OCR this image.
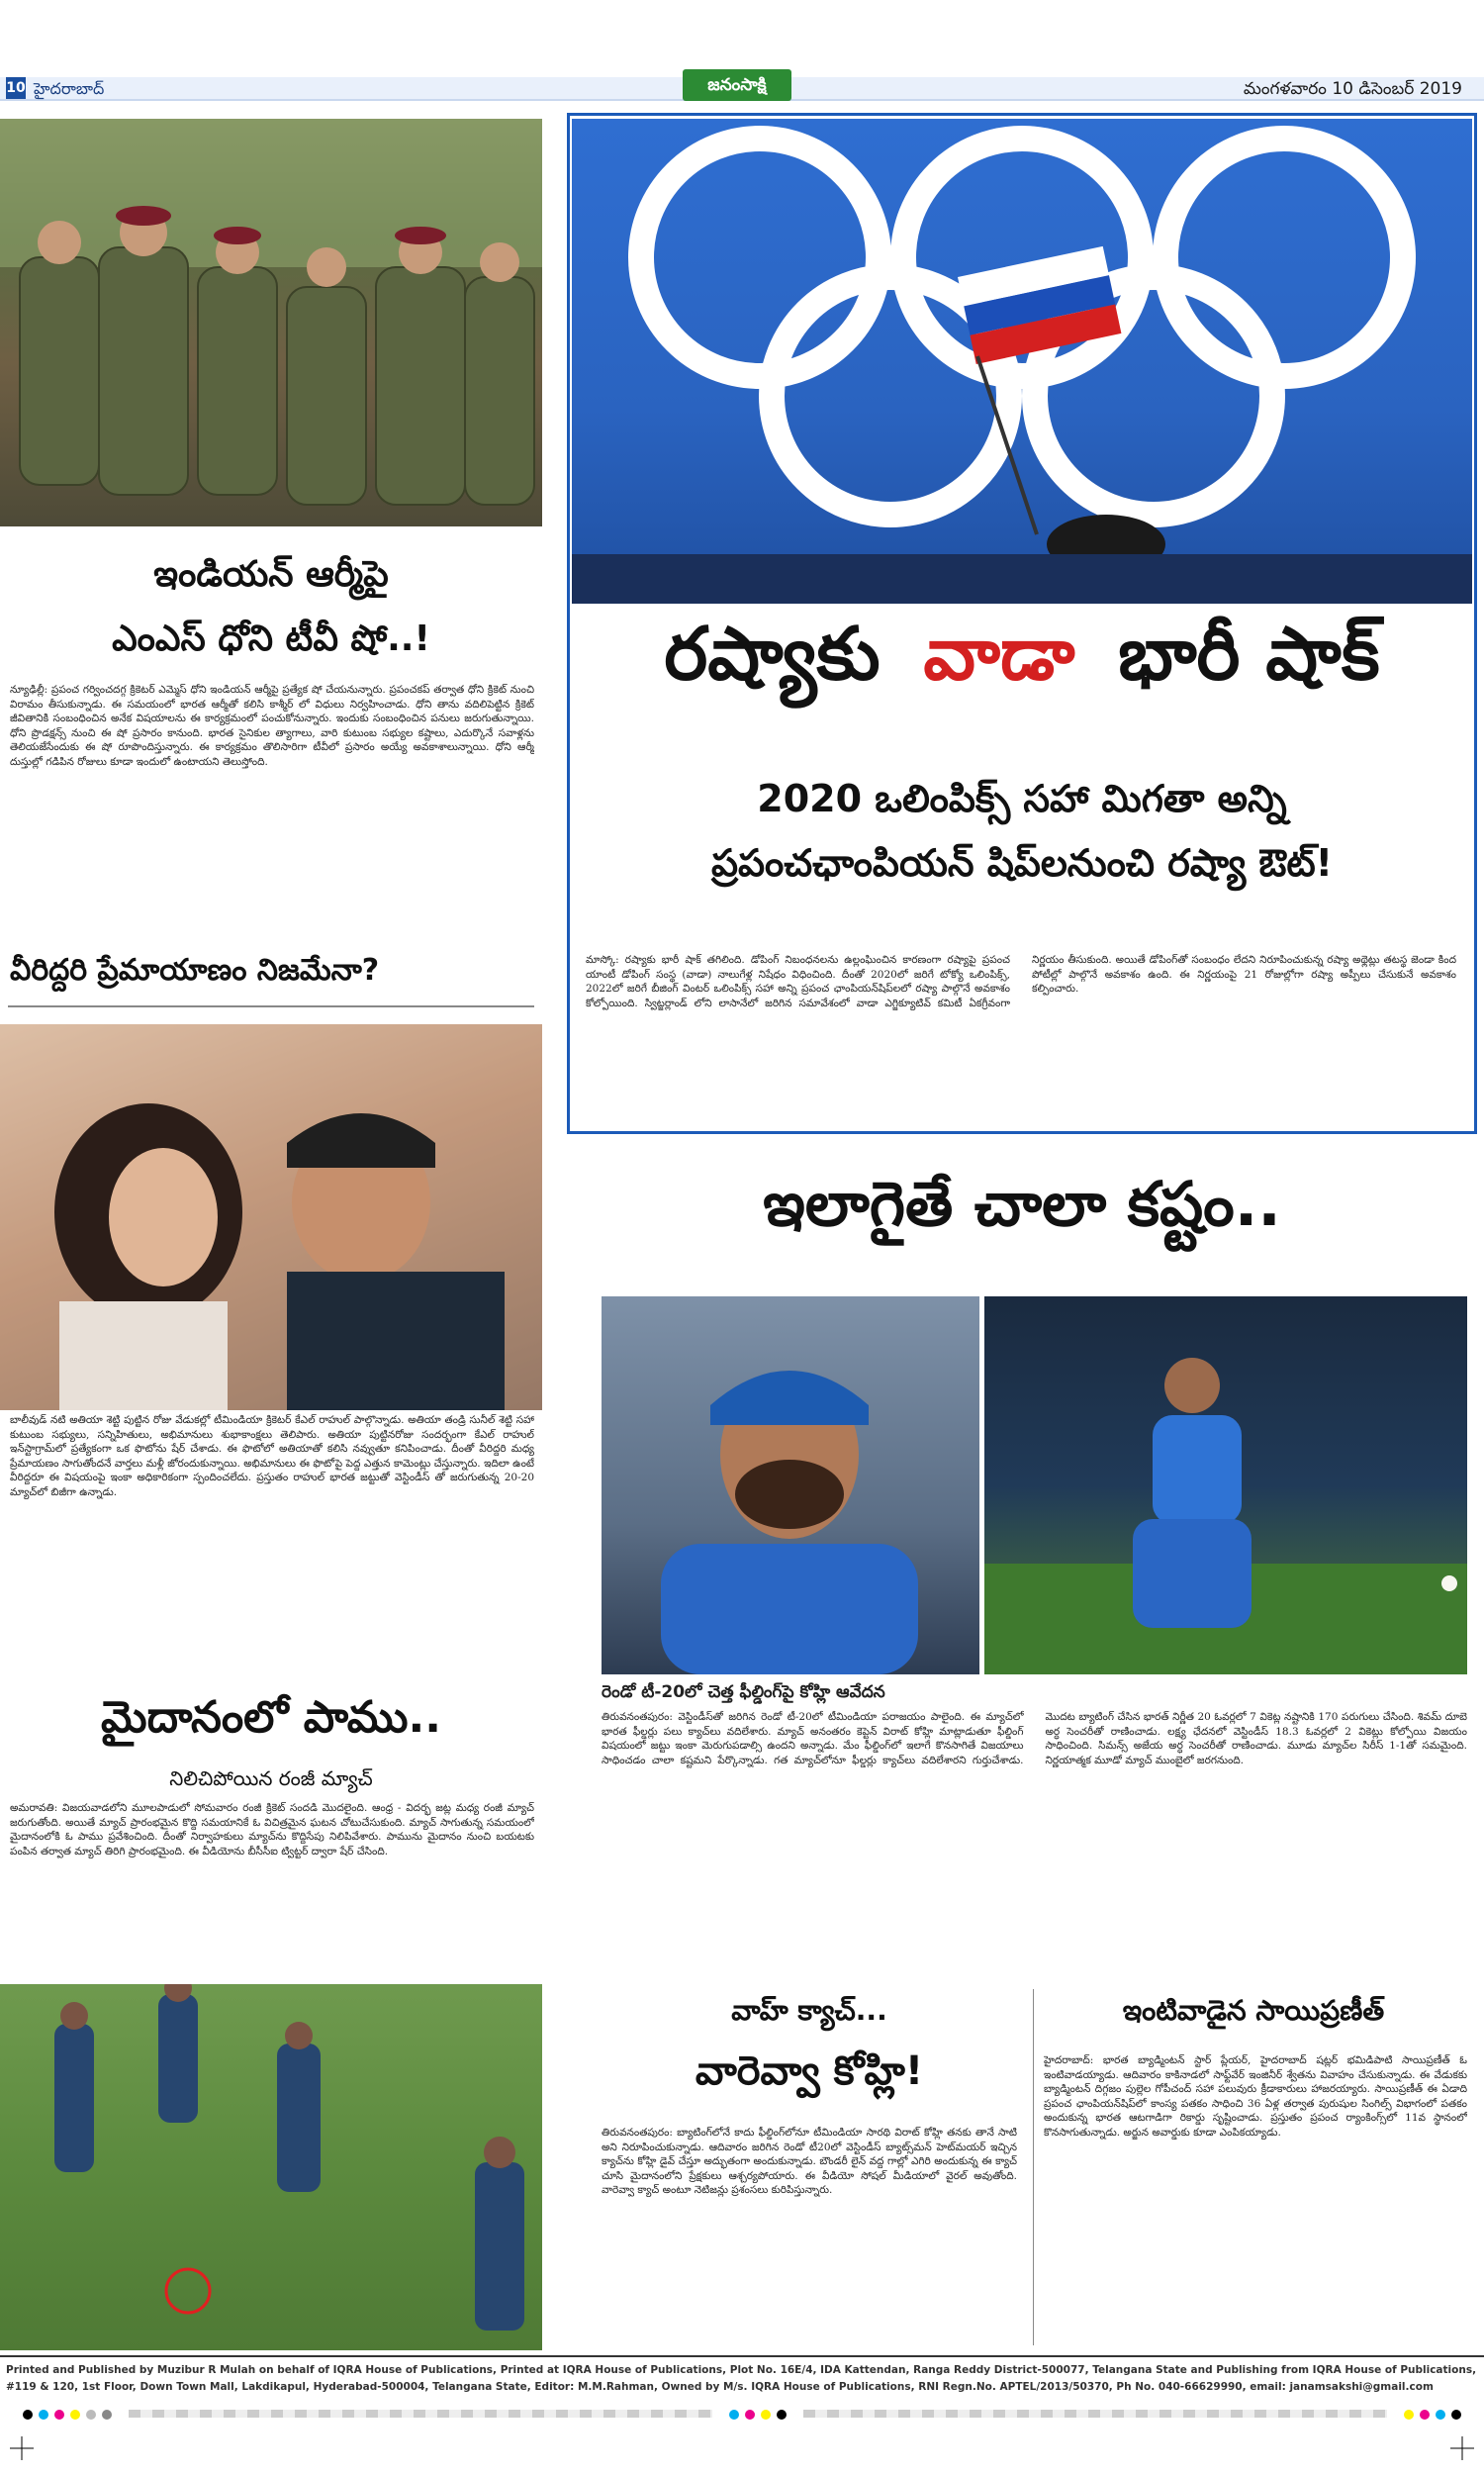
10 హైదరాబాద్	జనంసాక్షి	మంగళవారం 10 డిసెంబర్ 2019
ఇండియన్ ఆర్మీపై
ఎంఎస్ ధోని టీవీ షో..!
న్యూఢిల్లీ: ప్రపంచ గర్వించదగ్గ క్రికెటర్ ఎమ్మెస్ ధోని ఇండియన్ ఆర్మీపై ప్రత్యేక షో చేయనున్నారు. ప్రపంచకప్ తర్వాత ధోని క్రికెట్ నుంచి విరామం తీసుకున్నాడు. ఈ సమయంలో భారత ఆర్మీతో కలిసి కాశ్మీర్ లో విధులు నిర్వహించాడు. ధోని తాను వదిలిపెట్టిన క్రికెట్ జీవితానికి సంబంధించిన అనేక విషయాలను ఈ కార్యక్రమంలో పంచుకోనున్నారు. ఇందుకు సంబంధించిన పనులు జరుగుతున్నాయి. ధోని ప్రొడక్షన్స్ నుంచి ఈ షో ప్రసారం కానుంది. భారత సైనికుల త్యాగాలు, వారి కుటుంబ సభ్యుల కష్టాలు, ఎదుర్కొనే సవాళ్లను తెలియజేసేందుకు ఈ షో రూపొందిస్తున్నారు. ఈ కార్యక్రమం తొలిసారిగా టీవీలో ప్రసారం అయ్యే అవకాశాలున్నాయి. ధోని ఆర్మీ దుస్తుల్లో గడిపిన రోజులు కూడా ఇందులో ఉంటాయని తెలుస్తోంది.
వీరిద్దరి ప్రేమాయాణం నిజమేనా?
బాలీవుడ్ నటి అతియా శెట్టి పుట్టిన రోజు వేడుకల్లో టీమిండియా క్రికెటర్ కేఎల్ రాహుల్ పాల్గొన్నాడు. అతియా తండ్రి సునీల్ శెట్టి సహా కుటుంబ సభ్యులు, సన్నిహితులు, అభిమానులు శుభాకాంక్షలు తెలిపారు. అతియా పుట్టినరోజు సందర్భంగా కేఎల్ రాహుల్ ఇన్‌స్టాగ్రామ్‌లో ప్రత్యేకంగా ఒక ఫొటోను షేర్ చేశాడు. ఈ ఫొటోలో అతియాతో కలిసి నవ్వుతూ కనిపించాడు. దీంతో వీరిద్దరి మధ్య ప్రేమాయణం సాగుతోందనే వార్తలు మళ్లీ జోరందుకున్నాయి. అభిమానులు ఈ ఫొటోపై పెద్ద ఎత్తున కామెంట్లు చేస్తున్నారు. ఇదిలా ఉంటే వీరిద్దరూ ఈ విషయంపై ఇంకా అధికారికంగా స్పందించలేదు. ప్రస్తుతం రాహుల్ భారత జట్టుతో వెస్టిండీస్ తో జరుగుతున్న 20-20 మ్యాచ్‌లో బిజీగా ఉన్నాడు.
మైదానంలో పాము..
నిలిచిపోయిన రంజీ మ్యాచ్
అమరావతి: విజయవాడలోని మూలపాడులో సోమవారం రంజీ క్రికెట్ సందడి మొదలైంది. ఆంధ్ర - విదర్భ జట్ల మధ్య రంజీ మ్యాచ్ జరుగుతోంది. అయితే మ్యాచ్ ప్రారంభమైన కొద్ది సమయానికే ఓ విచిత్రమైన ఘటన చోటుచేసుకుంది. మ్యాచ్ సాగుతున్న సమయంలో మైదానంలోకి ఓ పాము ప్రవేశించింది. దీంతో నిర్వాహకులు మ్యాచ్‌ను కొద్దిసేపు నిలిపివేశారు. పామును మైదానం నుంచి బయటకు పంపిన తర్వాత మ్యాచ్ తిరిగి ప్రారంభమైంది. ఈ వీడియోను బీసీసీఐ ట్విట్టర్ ద్వారా షేర్ చేసింది.
రష్యాకు వాడా భారీ షాక్
2020 ఒలింపిక్స్ సహా మిగతా అన్ని
ప్రపంచఛాంపియన్ షిప్‌లనుంచి రష్యా ఔట్!
మాస్కో: రష్యాకు భారీ షాక్ తగిలింది. డోపింగ్ నిబంధనలను ఉల్లంఘించిన కారణంగా రష్యాపై ప్రపంచ యాంటీ డోపింగ్ సంస్థ (వాడా) నాలుగేళ్ల నిషేధం విధించింది. దీంతో 2020లో జరిగే టోక్యో ఒలింపిక్స్, 2022లో జరిగే బీజింగ్ వింటర్ ఒలింపిక్స్ సహా అన్ని ప్రపంచ ఛాంపియన్‌షిప్‌లలో రష్యా పాల్గొనే అవకాశం కోల్పోయింది. స్విట్జర్లాండ్ లోని లాసానేలో జరిగిన సమావేశంలో వాడా ఎగ్జిక్యూటివ్ కమిటీ ఏకగ్రీవంగా నిర్ణయం తీసుకుంది. అయితే డోపింగ్‌తో సంబంధం లేదని నిరూపించుకున్న రష్యా అథ్లెట్లు తటస్థ జెండా కింద పోటీల్లో పాల్గొనే అవకాశం ఉంది. ఈ నిర్ణయంపై 21 రోజుల్లోగా రష్యా అప్పీలు చేసుకునే అవకాశం కల్పించారు.
ఇలాగైతే చాలా కష్టం..
రెండో టీ-20లో చెత్త ఫీల్డింగ్‌పై కోహ్లి ఆవేదన
తిరువనంతపురం: వెస్టిండీస్‌తో జరిగిన రెండో టీ-20లో టీమిండియా పరాజయం పాలైంది. ఈ మ్యాచ్‌లో భారత ఫీల్డర్లు పలు క్యాచ్‌లు వదిలేశారు. మ్యాచ్ అనంతరం కెప్టెన్ విరాట్ కోహ్లి మాట్లాడుతూ ఫీల్డింగ్ విషయంలో జట్టు ఇంకా మెరుగుపడాల్సి ఉందని అన్నాడు. మేం ఫీల్డింగ్‌లో ఇలాగే కొనసాగితే విజయాలు సాధించడం చాలా కష్టమని పేర్కొన్నాడు. గత మ్యాచ్‌లోనూ ఫీల్డర్లు క్యాచ్‌లు వదిలేశారని గుర్తుచేశాడు. మొదట బ్యాటింగ్ చేసిన భారత్ నిర్ణీత 20 ఓవర్లలో 7 వికెట్ల నష్టానికి 170 పరుగులు చేసింది. శివమ్ దూబె అర్ధ సెంచరీతో రాణించాడు. లక్ష్య ఛేదనలో వెస్టిండీస్ 18.3 ఓవర్లలో 2 వికెట్లు కోల్పోయి విజయం సాధించింది. సిమన్స్ అజేయ అర్ధ సెంచరీతో రాణించాడు. మూడు మ్యాచ్‌ల సిరీస్ 1-1తో సమమైంది. నిర్ణయాత్మక మూడో మ్యాచ్ ముంబైలో జరగనుంది.
వాహ్ క్యాచ్...
వారెవ్వా కోహ్లి!
తిరువనంతపురం: బ్యాటింగ్‌లోనే కాదు ఫీల్డింగ్‌లోనూ టీమిండియా సారథి విరాట్ కోహ్లి తనకు తానే సాటి అని నిరూపించుకున్నాడు. ఆదివారం జరిగిన రెండో టీ20లో వెస్టిండీస్ బ్యాట్స్‌మన్ హెట్‌మయర్ ఇచ్చిన క్యాచ్‌ను కోహ్లి డైవ్ చేస్తూ అద్భుతంగా అందుకున్నాడు. బౌండరీ లైన్ వద్ద గాల్లో ఎగిరి అందుకున్న ఈ క్యాచ్ చూసి మైదానంలోని ప్రేక్షకులు ఆశ్చర్యపోయారు. ఈ వీడియో సోషల్ మీడియాలో వైరల్ అవుతోంది. వారెవ్వా క్యాచ్ అంటూ నెటిజన్లు ప్రశంసలు కురిపిస్తున్నారు.
ఇంటివాడైన సాయిప్రణీత్
హైదరాబాద్: భారత బ్యాడ్మింటన్ స్టార్ ప్లేయర్, హైదరాబాద్ షట్లర్ భమిడిపాటి సాయిప్రణీత్ ఓ ఇంటివాడయ్యాడు. ఆదివారం కాకినాడలో సాఫ్ట్‌వేర్ ఇంజినీర్ శ్వేతను వివాహం చేసుకున్నాడు. ఈ వేడుకకు బ్యాడ్మింటన్ దిగ్గజం పుల్లెల గోపీచంద్ సహా పలువురు క్రీడాకారులు హాజరయ్యారు. సాయిప్రణీత్ ఈ ఏడాది ప్రపంచ ఛాంపియన్‌షిప్‌లో కాంస్య పతకం సాధించి 36 ఏళ్ల తర్వాత పురుషుల సింగిల్స్ విభాగంలో పతకం అందుకున్న భారత ఆటగాడిగా రికార్డు సృష్టించాడు. ప్రస్తుతం ప్రపంచ ర్యాంకింగ్స్‌లో 11వ స్థానంలో కొనసాగుతున్నాడు. అర్జున అవార్డుకు కూడా ఎంపికయ్యాడు.
Printed and Published by Muzibur R Mulah on behalf of IQRA House of Publications, Printed at IQRA House of Publications, Plot No. 16E/4, IDA Kattendan, Ranga Reddy District-500077, Telangana State and Publishing from IQRA House of Publications,
#119 & 120, 1st Floor, Down Town Mall, Lakdikapul, Hyderabad-500004, Telangana State, Editor: M.M.Rahman, Owned by M/s. IQRA House of Publications, RNI Regn.No. APTEL/2013/50370, Ph No. 040-66629990, email: janamsakshi@gmail.com
